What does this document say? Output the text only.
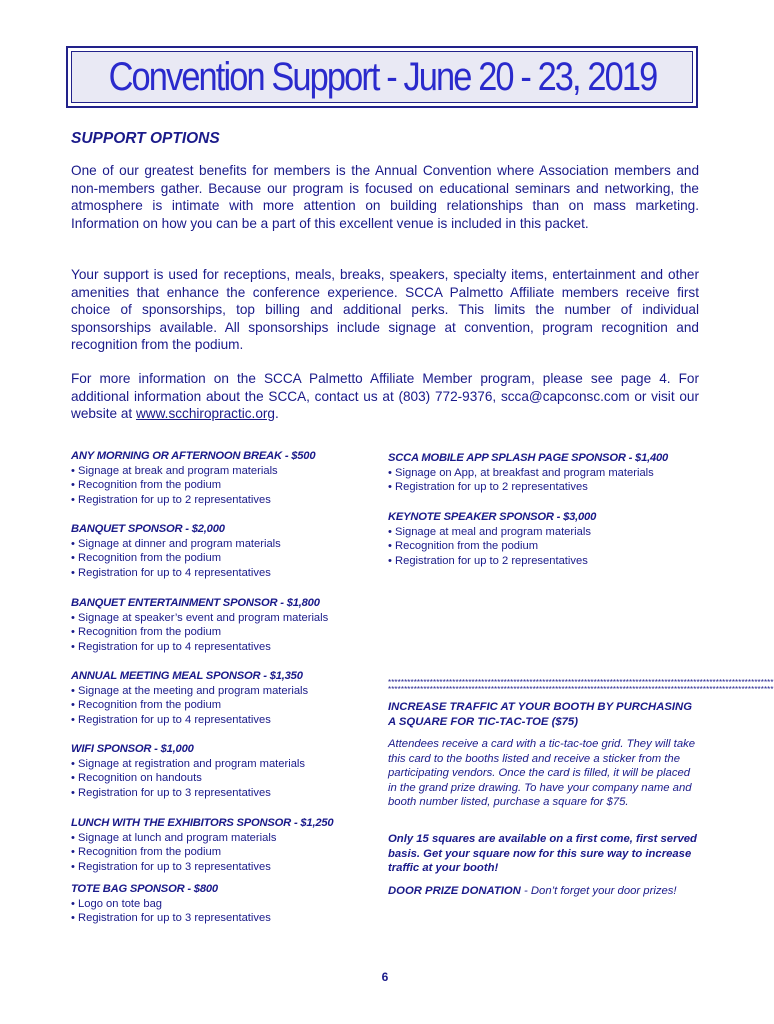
Convention Support - June 20 - 23, 2019
SUPPORT OPTIONS

One of our greatest benefits for members is the Annual Convention where Association members and non-members gather. Because our program is focused on educational seminars and networking, the atmosphere is intimate with more attention on building relationships than on mass marketing. Information on how you can be a part of this excellent venue is included in this packet.

Your support is used for receptions, meals, breaks, speakers, specialty items, entertainment and other amenities that enhance the conference experience. SCCA Palmetto Affiliate members receive first choice of sponsorships, top billing and additional perks. This limits the number of individual sponsorships available. All sponsorships include signage at convention, program recognition and recognition from the podium.

For more information on the SCCA Palmetto Affiliate Member program, please see page 4. For additional information about the SCCA, contact us at (803) 772-9376, scca@capconsc.com or visit our website at www.scchiropractic.org.

ANY MORNING OR AFTERNOON BREAK - $500
• Signage at break and program materials
• Recognition from the podium
• Registration for up to 2 representatives
BANQUET SPONSOR - $2,000
• Signage at dinner and program materials
• Recognition from the podium
• Registration for up to 4 representatives
BANQUET ENTERTAINMENT SPONSOR - $1,800
• Signage at speaker’s event and program materials
• Recognition from the podium
• Registration for up to 4 representatives
ANNUAL MEETING MEAL SPONSOR - $1,350
• Signage at the meeting and program materials
• Recognition from the podium
• Registration for up to 4 representatives
WIFI SPONSOR - $1,000
• Signage at registration and program materials
• Recognition on handouts
• Registration for up to 3 representatives
LUNCH WITH THE EXHIBITORS SPONSOR - $1,250
• Signage at lunch and program materials
• Recognition from the podium
• Registration for up to 3 representatives
TOTE BAG SPONSOR - $800
• Logo on tote bag
• Registration for up to 3 representatives
SCCA MOBILE APP SPLASH PAGE SPONSOR - $1,400
• Signage on App, at breakfast and program materials
• Registration for up to 2 representatives
KEYNOTE SPEAKER SPONSOR - $3,000
• Signage at meal and program materials
• Recognition from the podium
• Registration for up to 2 representatives
************************************************************************************************************************
************************************************************************************************************************
INCREASE TRAFFIC AT YOUR BOOTH BY PURCHASING A SQUARE FOR TIC-TAC-TOE ($75)
Attendees receive a card with a tic-tac-toe grid. They will take this card to the booths listed and receive a sticker from the participating vendors. Once the card is filled, it will be placed in the grand prize drawing. To have your company name and booth number listed, purchase a square for $75.
Only 15 squares are available on a first come, first served basis. Get your square now for this sure way to increase traffic at your booth!
DOOR PRIZE DONATION - Don’t forget your door prizes!
6
